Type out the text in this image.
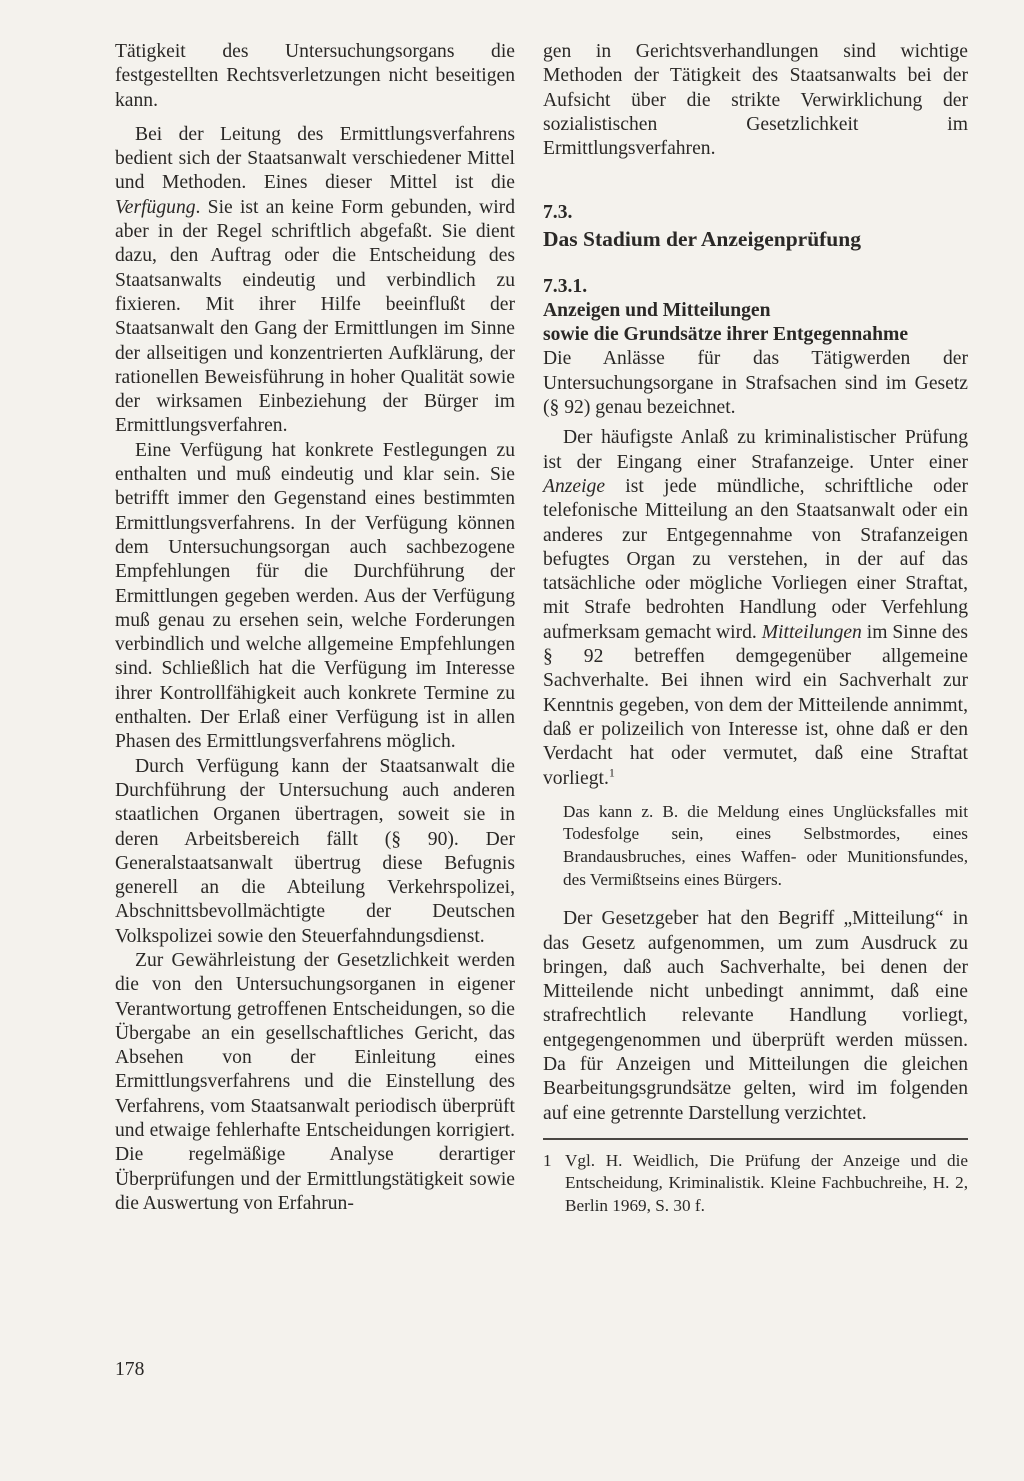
Tätigkeit des Untersuchungsorgans die festgestellten Rechtsverletzungen nicht beseitigen kann.

Bei der Leitung des Ermittlungsverfahrens bedient sich der Staatsanwalt verschiedener Mittel und Methoden. Eines dieser Mittel ist die Verfügung. Sie ist an keine Form gebunden, wird aber in der Regel schriftlich abgefaßt. Sie dient dazu, den Auftrag oder die Entscheidung des Staatsanwalts eindeutig und verbindlich zu fixieren. Mit ihrer Hilfe beeinflußt der Staatsanwalt den Gang der Ermittlungen im Sinne der allseitigen und konzentrierten Aufklärung, der rationellen Beweisführung in hoher Qualität sowie der wirksamen Einbeziehung der Bürger im Ermittlungsverfahren.

Eine Verfügung hat konkrete Festlegungen zu enthalten und muß eindeutig und klar sein. Sie betrifft immer den Gegenstand eines bestimmten Ermittlungsverfahrens. In der Verfügung können dem Untersuchungsorgan auch sachbezogene Empfehlungen für die Durchführung der Ermittlungen gegeben werden. Aus der Verfügung muß genau zu ersehen sein, welche Forderungen verbindlich und welche allgemeine Empfehlungen sind. Schließlich hat die Verfügung im Interesse ihrer Kontrollfähigkeit auch konkrete Termine zu enthalten. Der Erlaß einer Verfügung ist in allen Phasen des Ermittlungsverfahrens möglich.

Durch Verfügung kann der Staatsanwalt die Durchführung der Untersuchung auch anderen staatlichen Organen übertragen, soweit sie in deren Arbeitsbereich fällt (§ 90). Der Generalstaatsanwalt übertrug diese Befugnis generell an die Abteilung Verkehrspolizei, Abschnittsbevollmächtigte der Deutschen Volkspolizei sowie den Steuerfahndungsdienst.

Zur Gewährleistung der Gesetzlichkeit werden die von den Untersuchungsorganen in eigener Verantwortung getroffenen Entscheidungen, so die Übergabe an ein gesellschaftliches Gericht, das Absehen von der Einleitung eines Ermittlungsverfahrens und die Einstellung des Verfahrens, vom Staatsanwalt periodisch überprüft und etwaige fehlerhafte Entscheidungen korrigiert. Die regelmäßige Analyse derartiger Überprüfungen und der Ermittlungstätigkeit sowie die Auswertung von Erfahrun-

gen in Gerichtsverhandlungen sind wichtige Methoden der Tätigkeit des Staatsanwalts bei der Aufsicht über die strikte Verwirklichung der sozialistischen Gesetzlichkeit im Ermittlungsverfahren.

7.3.

Das Stadium der Anzeigenprüfung

7.3.1.

Anzeigen und Mitteilungen

sowie die Grundsätze ihrer Entgegennahme

Die Anlässe für das Tätigwerden der Untersuchungsorgane in Strafsachen sind im Gesetz (§ 92) genau bezeichnet.

Der häufigste Anlaß zu kriminalistischer Prüfung ist der Eingang einer Strafanzeige. Unter einer Anzeige ist jede mündliche, schriftliche oder telefonische Mitteilung an den Staatsanwalt oder ein anderes zur Entgegennahme von Strafanzeigen befugtes Organ zu verstehen, in der auf das tatsächliche oder mögliche Vorliegen einer Straftat, mit Strafe bedrohten Handlung oder Verfehlung aufmerksam gemacht wird. Mitteilungen im Sinne des § 92 betreffen demgegenüber allgemeine Sachverhalte. Bei ihnen wird ein Sachverhalt zur Kenntnis gegeben, von dem der Mitteilende annimmt, daß er polizeilich von Interesse ist, ohne daß er den Verdacht hat oder vermutet, daß eine Straftat vorliegt.$^1$

Das kann z. B. die Meldung eines Unglücksfalles mit Todesfolge sein, eines Selbstmordes, eines Brandausbruches, eines Waffen- oder Munitionsfundes, des Vermißtseins eines Bürgers.

Der Gesetzgeber hat den Begriff „Mitteilung“ in das Gesetz aufgenommen, um zum Ausdruck zu bringen, daß auch Sachverhalte, bei denen der Mitteilende nicht unbedingt annimmt, daß eine strafrechtlich relevante Handlung vorliegt, entgegengenommen und überprüft werden müssen. Da für Anzeigen und Mitteilungen die gleichen Bearbeitungsgrundsätze gelten, wird im folgenden auf eine getrennte Darstellung verzichtet.

1 Vgl. H. Weidlich, Die Prüfung der Anzeige und die Entscheidung, Kriminalistik. Kleine Fachbuchreihe, H. 2, Berlin 1969, S. 30 f.
178
